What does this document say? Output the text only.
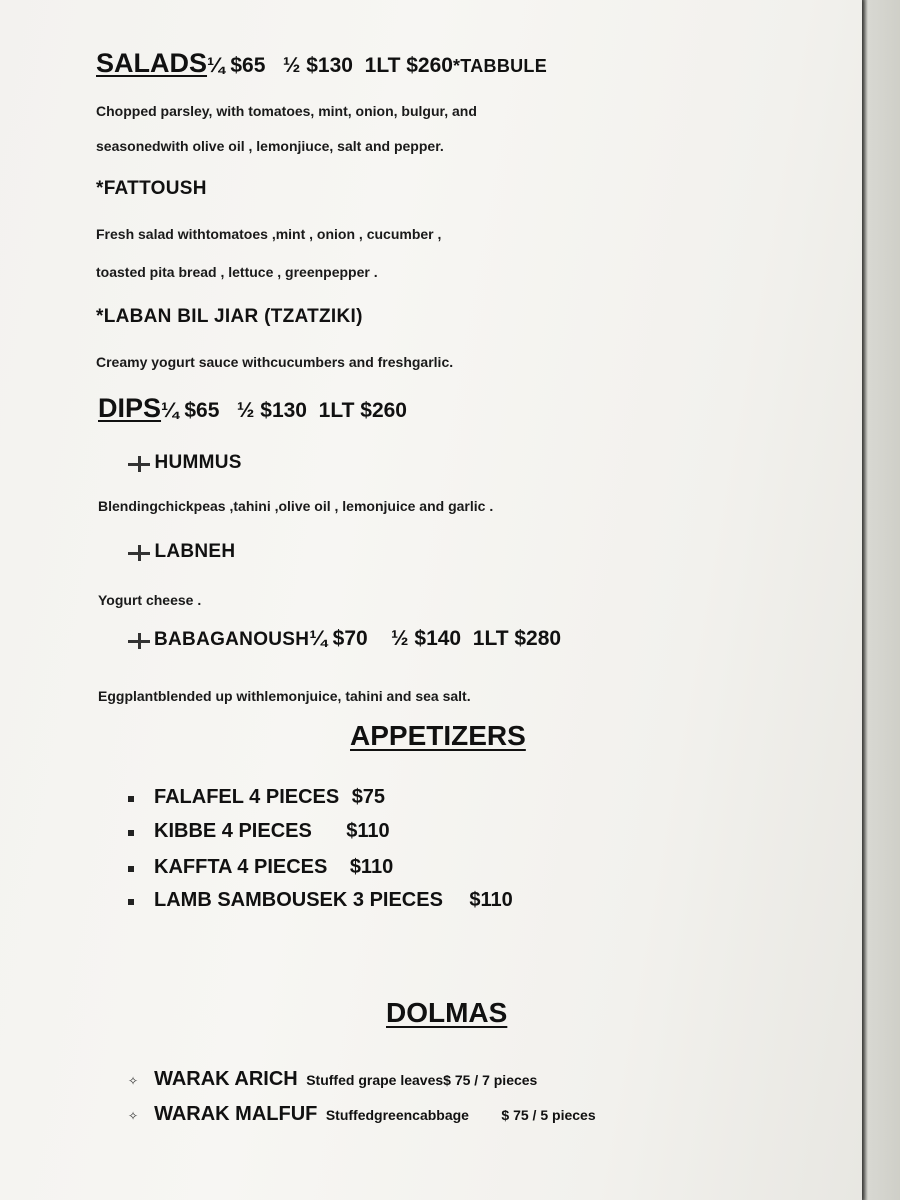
SALADS¼ $65   ½ $130  1LT $260*TABBULE
Chopped parsley, with tomatoes, mint, onion, bulgur, and
seasonedwith olive oil , lemonjiuce, salt and pepper.
*FATTOUSH
Fresh salad withtomatoes ,mint , onion , cucumber ,
toasted pita bread , lettuce , greenpepper .
*LABAN BIL JIAR (TZATZIKI)
Creamy yogurt sauce withcucumbers and freshgarlic.
DIPS¼ $65   ½ $130  1LT $260
HUMMUS
Blendingchickpeas ,tahini ,olive oil , lemonjuice and garlic .
LABNEH
Yogurt cheese .
BABAGANOUSH¼ $70    ½ $140  1LT $280
Eggplantblended up withlemonjuice, tahini and sea salt.
APPETIZERS
FALAFEL 4 PIECES $75
KIBBE 4 PIECES $110
KAFFTA 4 PIECES $110
LAMB SAMBOUSEK 3 PIECES $110
DOLMAS
✧ WARAK ARICH Stuffed grape leaves$ 75 / 7 pieces
✧ WARAK MALFUF Stuffedgreencabbage $ 75 / 5 pieces
